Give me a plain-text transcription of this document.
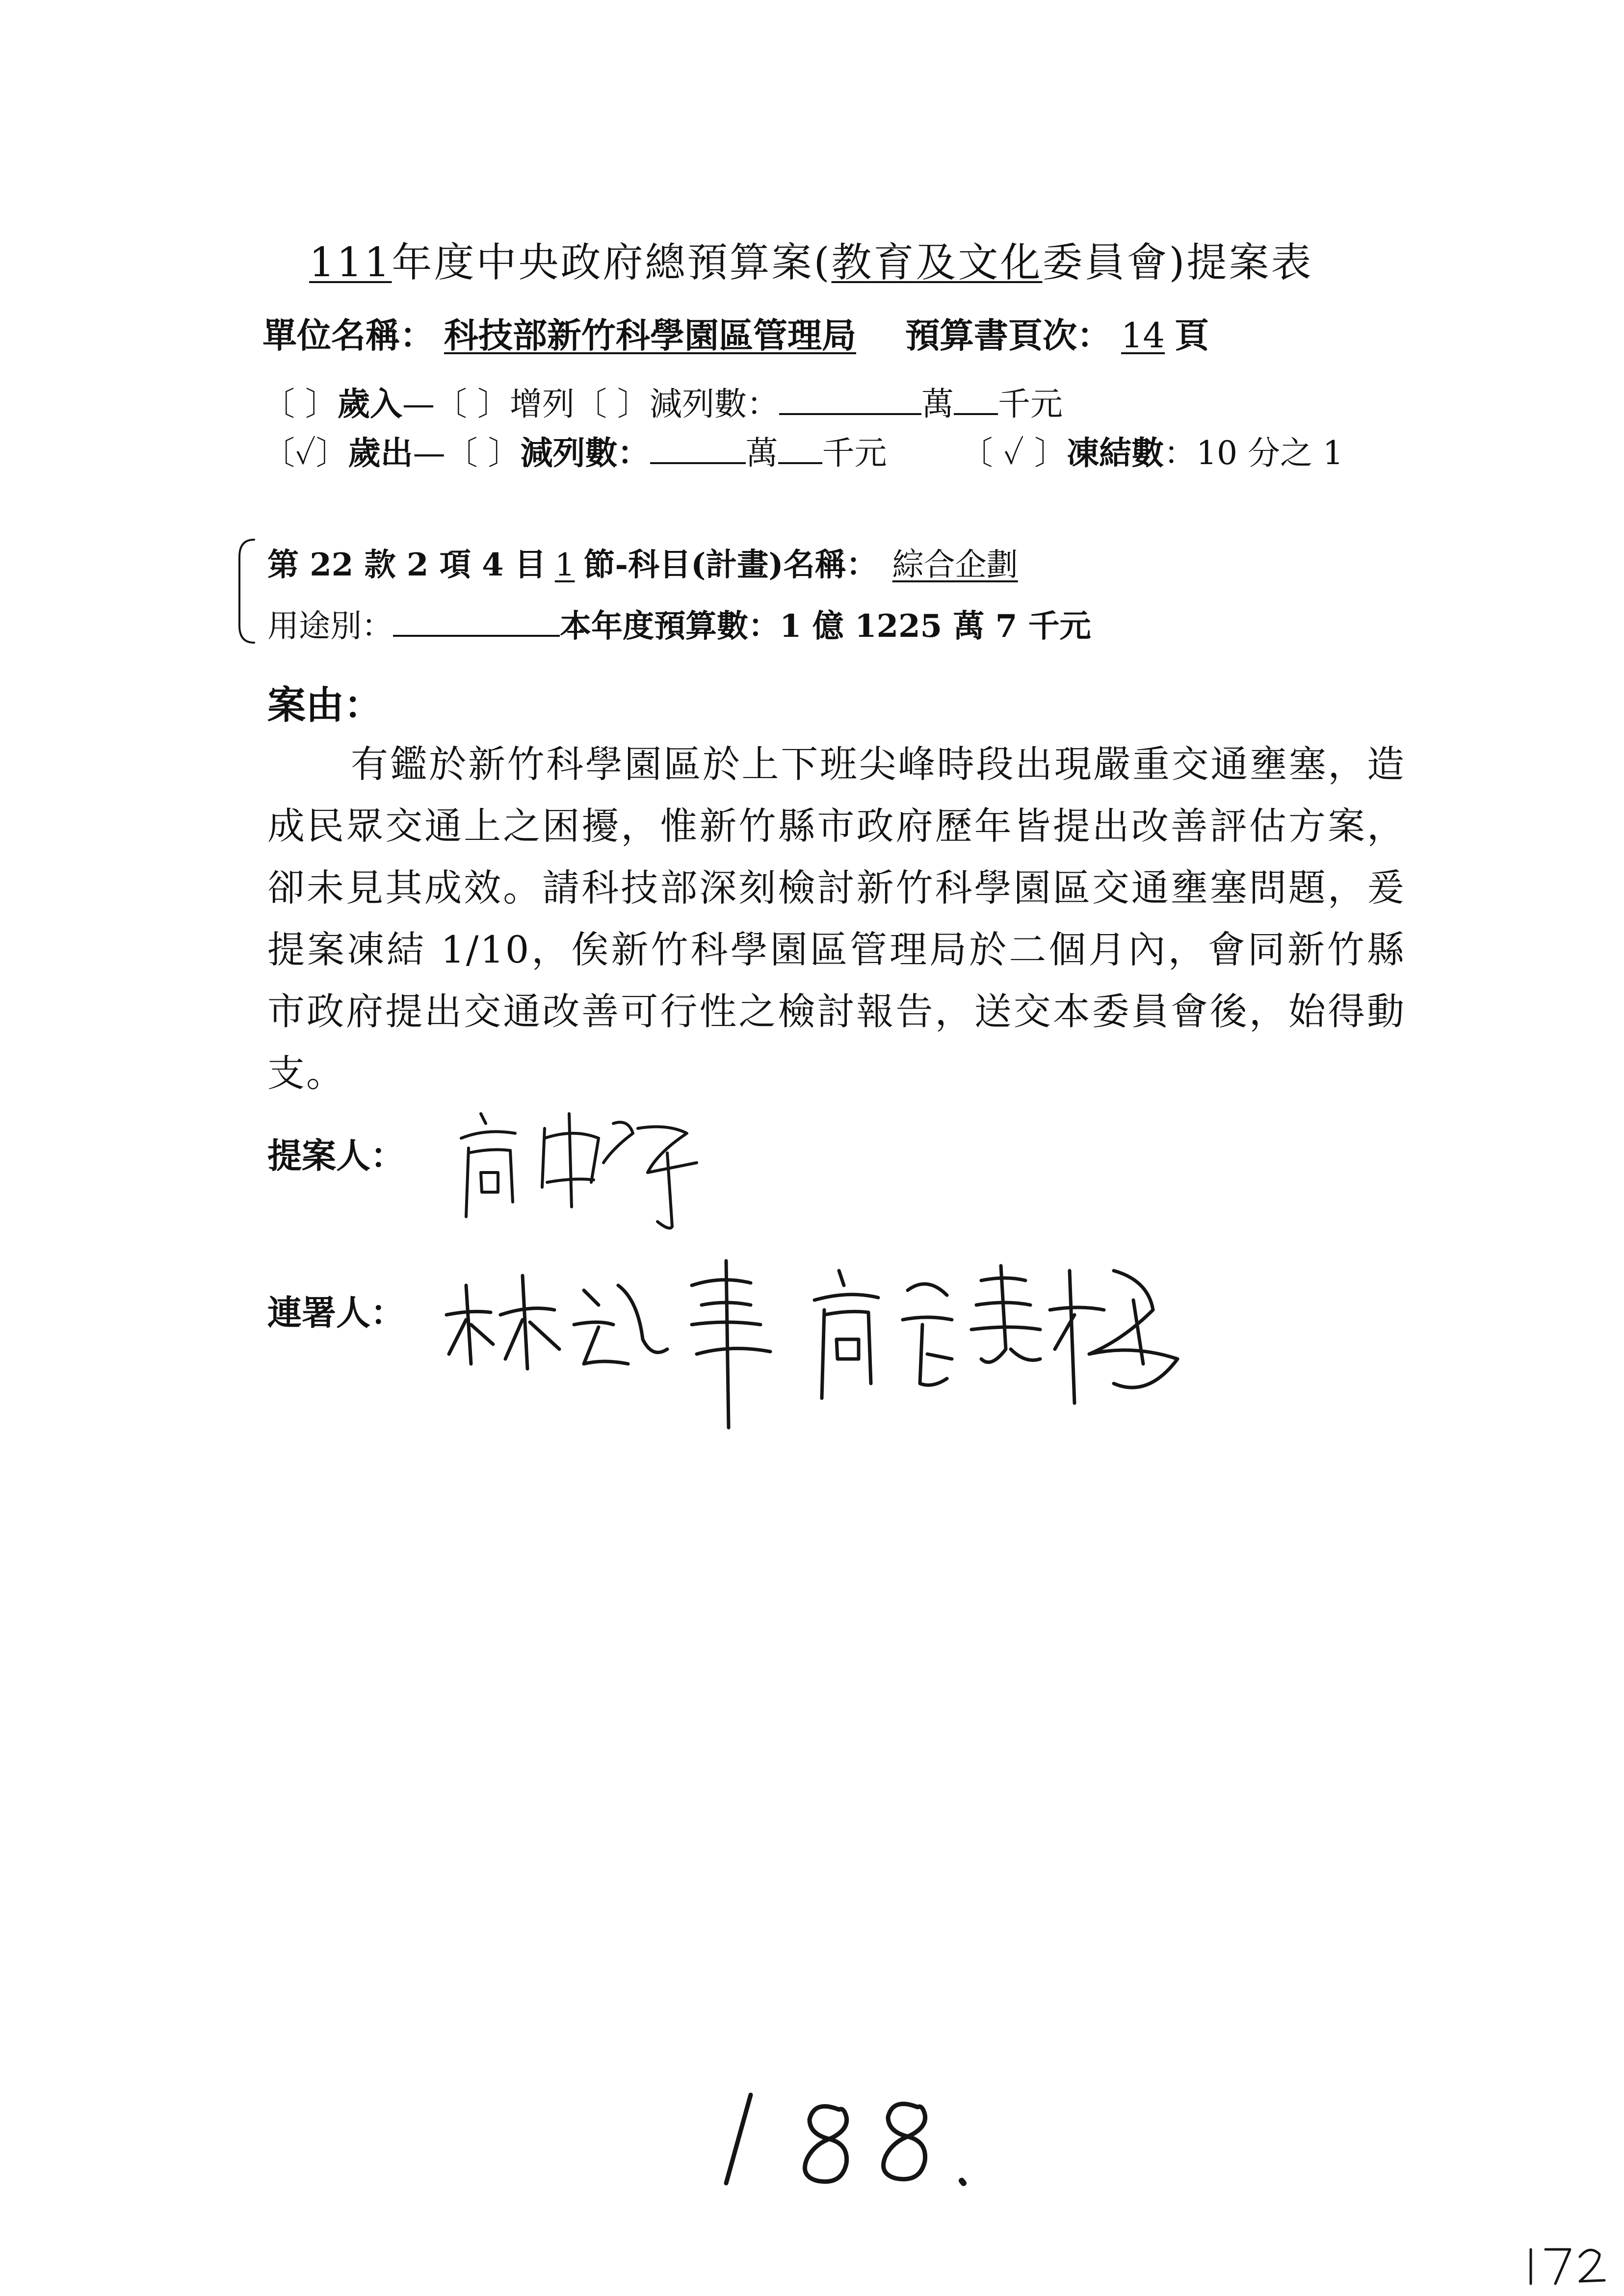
111年度中央政府總預算案(教育及文化委員會)提案表
單位名稱： 科技部新竹科學園區管理局 預算書頁次： 14 頁
〔 〕歲入—〔 〕增列〔 〕減列數：	萬 千元
〔✓〕歲出—〔 〕減列數：	萬 千元 〔 ✓ 〕凍結數：10 分之 1
第 22 款 2 項 4 目 1 節-科目(計畫)名稱： 綜合企劃
用途別：	本年度預算數：1 億 1225 萬 7 千元
案由：
有鑑於新竹科學園區於上下班尖峰時段出現嚴重交通壅塞，造成民眾交通上之困擾，惟新竹縣市政府歷年皆提出改善評估方案，卻未見其成效。請科技部深刻檢討新竹科學園區交通壅塞問題，爰提案凍結 1/10，俟新竹科學園區管理局於二個月內，會同新竹縣市政府提出交通改善可行性之檢討報告，送交本委員會後，始得動支。
提案人：
連署人：
